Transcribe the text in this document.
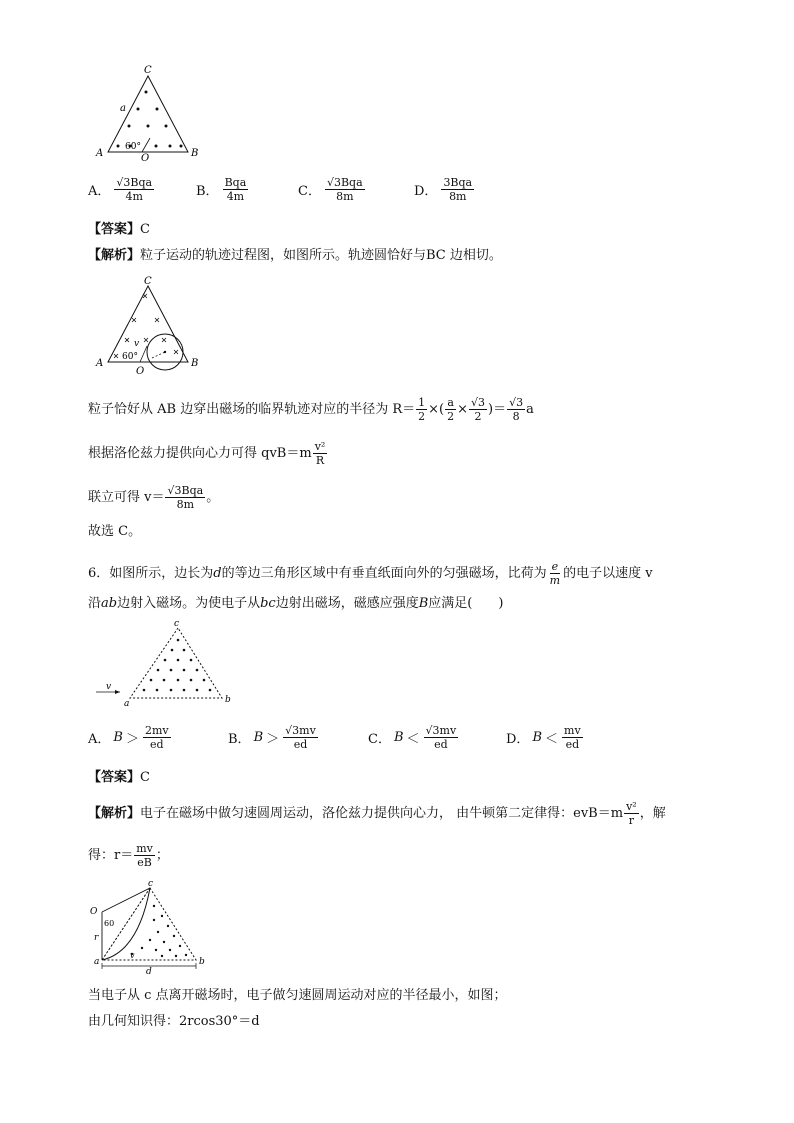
C
a
A	B
O
60°
A． $\frac{\text{√3Bqa}}{4m}$	B． $\frac{\text{Bqa}}{4m}$	C． $\frac{\text{√3Bqa}}{8m}$	D． $\frac{\text{3Bqa}}{8m}$
【答案】C
【解析】粒子运动的轨迹过程图，如图所示。轨迹圆恰好与BC 边相切。
C
A	B
O
v
60°
粒子恰好从 AB 边穿出磁场的临界轨迹对应的半径为 $R= \frac{1}{2}$ ×( $\frac{a}{2} \times \frac{√3}{2}$ )＝ $\frac{√3}{8}$ a
根据洛伦兹力提供向心力可得 $qvB=m \frac{\text{v²}}{R}$
联立可得 $v= \frac{\text{√3Bqa}}{8m}$ 。
故选 C。
6．如图所示，边长为d的等边三角形区域中有垂直纸面向外的匀强磁场，比荷为 $\frac{e}{m}$ 的电子以速度 v
沿ab边射入磁场。为使电子从bc边射出磁场，磁感应强度B应满足(　　)
v
c
a	b
A． $B > \frac{2mv}{ed}$	B． $B > \frac{√3mv}{ed}$	C． $B < \frac{√3mv}{ed}$	D． $B < \frac{mv}{ed}$
【答案】C
【解析】电子在磁场中做匀速圆周运动，洛伦兹力提供向心力， 由牛顿第二定律得：$evB=m \frac{\text{v²}}{r}$ ，解
得：$r= \frac{mv}{eB}$ ；
O
c
60
r
a	b
d
v
当电子从 c 点离开磁场时，电子做匀速圆周运动对应的半径最小，如图；
由几何知识得：2rcos30°＝d
